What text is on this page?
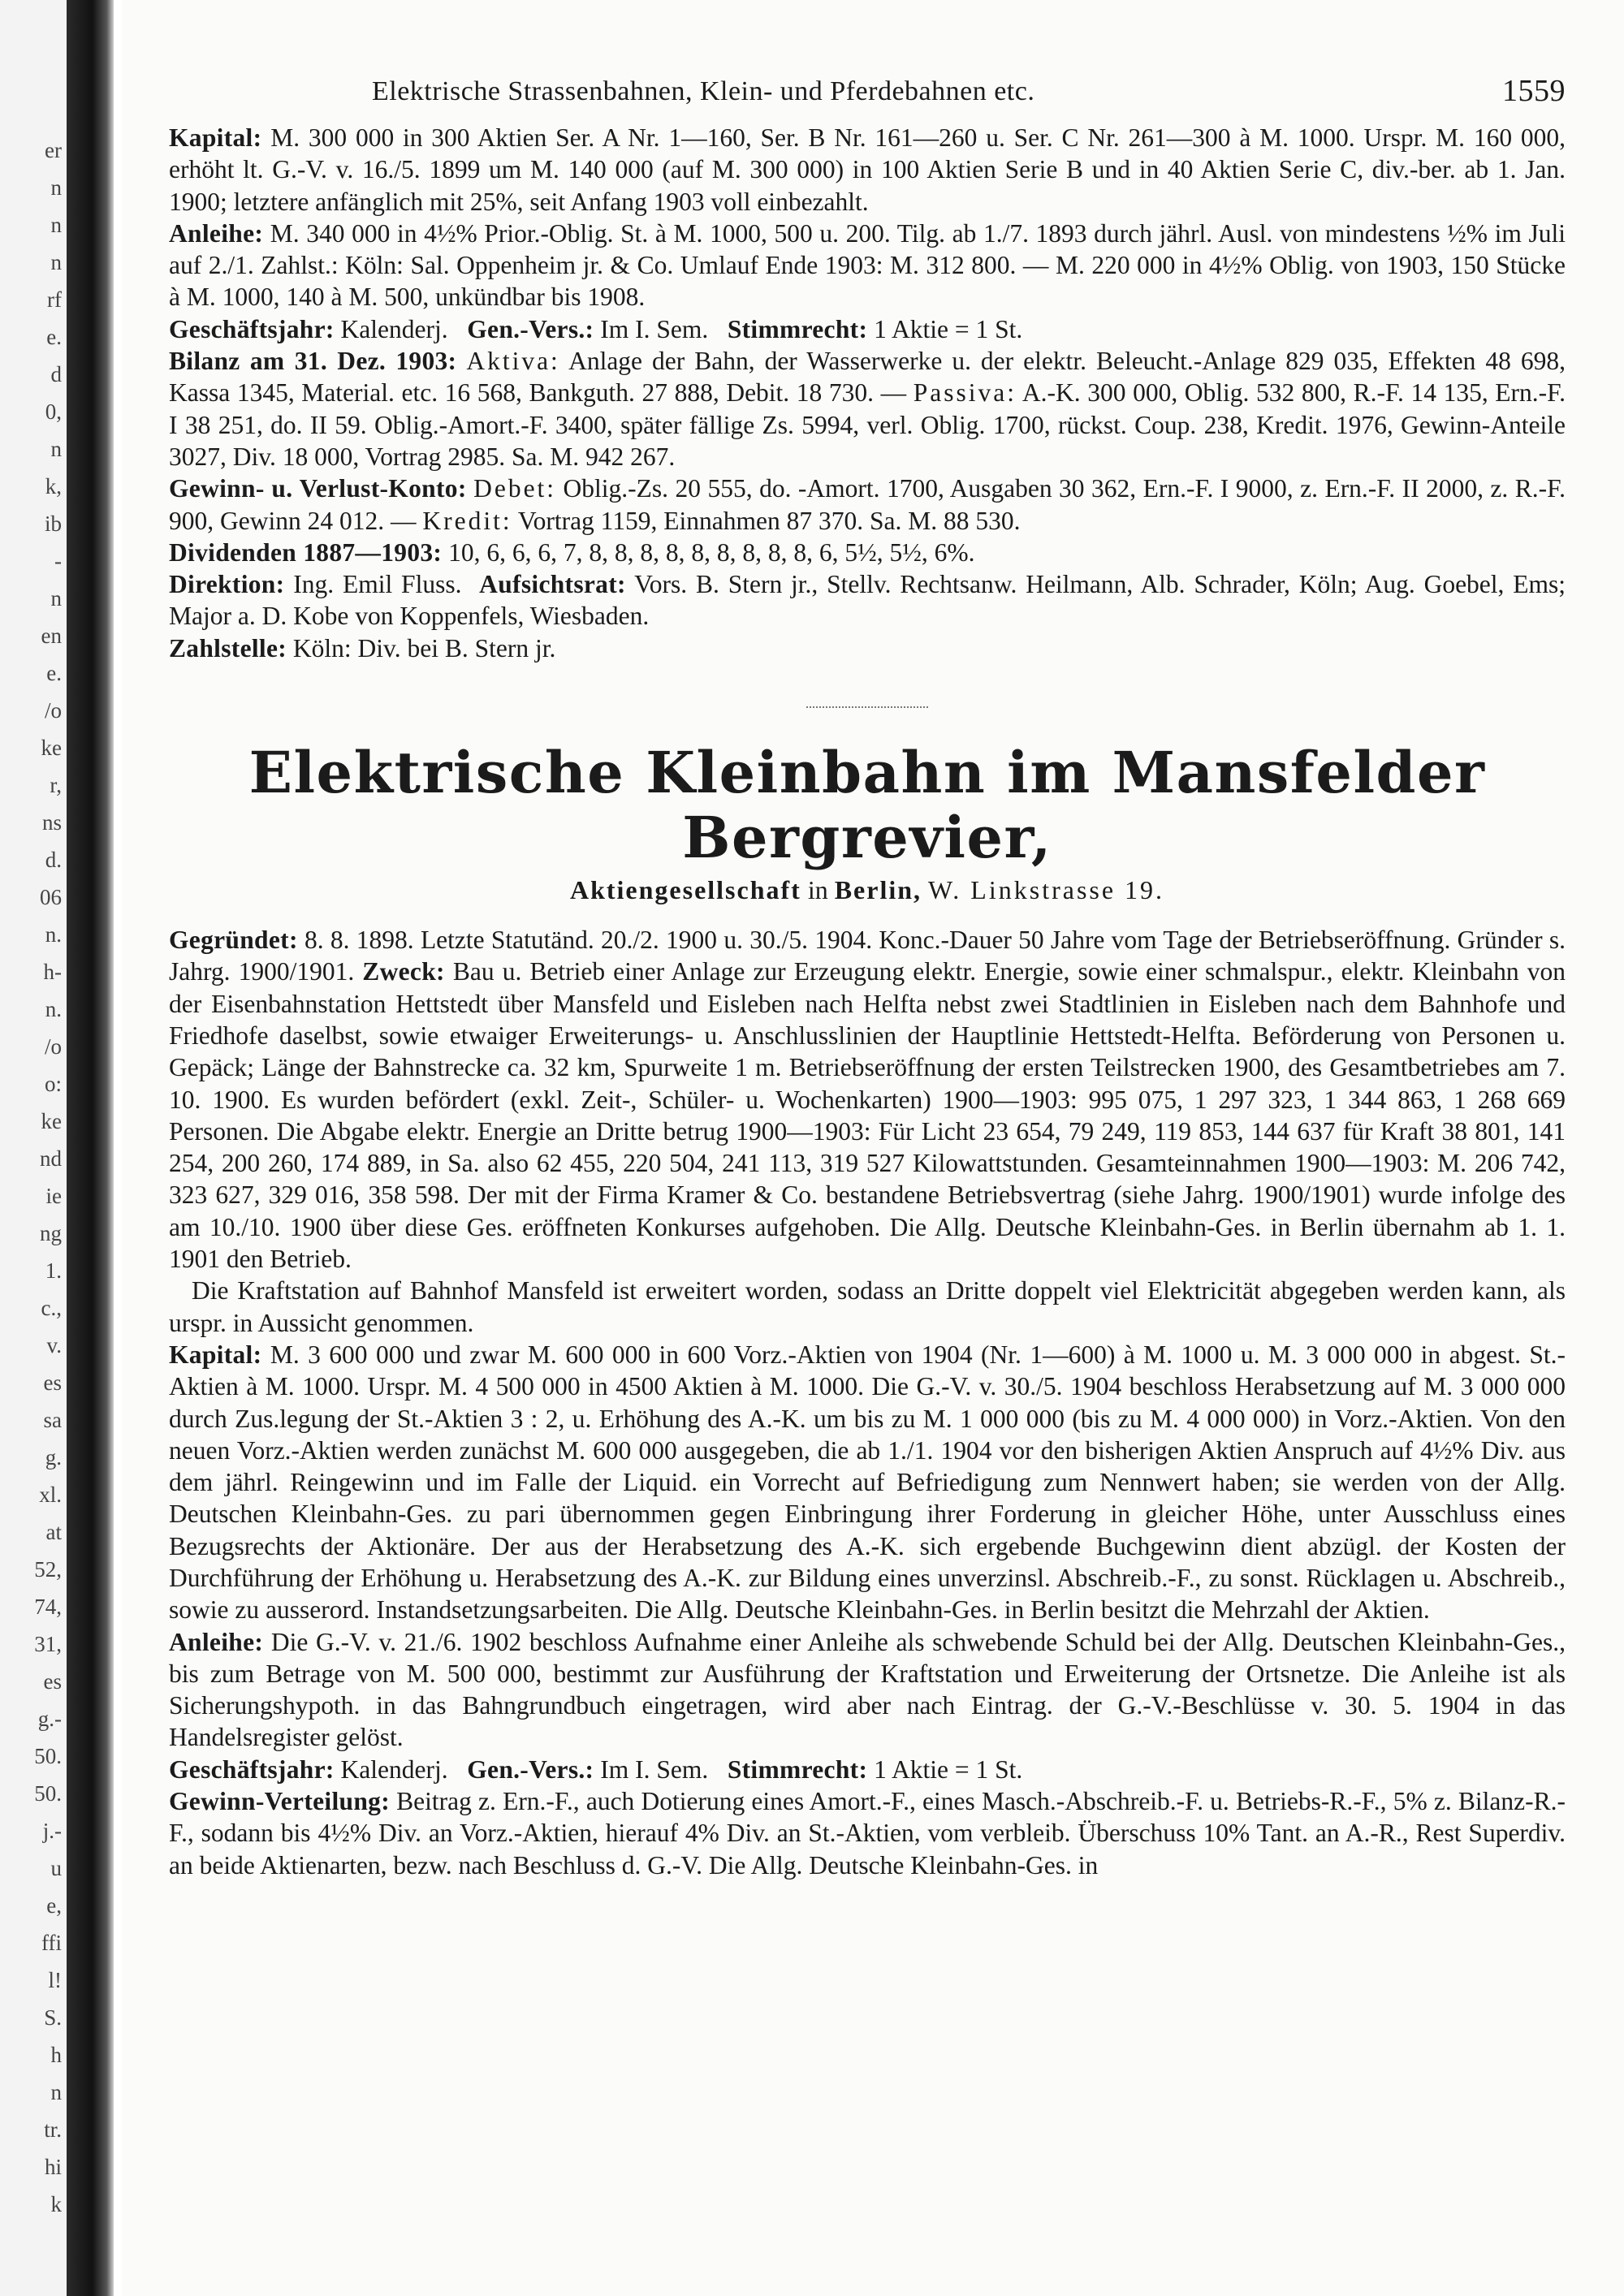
er
n
n
n
rf
e.
d
0,
n
k,
ib
-
n
en
e.
/o
ke
r,
ns
d.
06
n.
h-
n.
/o
o:
ke
nd
ie
ng
1.
c.,
v.
es
sa
g.
xl.
at
52,
74,
31,
es
g.-
50.
50.
j.-
u
e,
ffi
l!
S.
h
n
tr.
hi
k
Elektrische Strassenbahnen, Klein- und Pferdebahnen etc.	1559

Kapital: M. 300 000 in 300 Aktien Ser. A Nr. 1—160, Ser. B Nr. 161—260 u. Ser. C Nr. 261—300 à M. 1000. Urspr. M. 160 000, erhöht lt. G.-V. v. 16./5. 1899 um M. 140 000 (auf M. 300 000) in 100 Aktien Serie B und in 40 Aktien Serie C, div.-ber. ab 1. Jan. 1900; letztere anfänglich mit 25%, seit Anfang 1903 voll einbezahlt.

Anleihe: M. 340 000 in 4½% Prior.-Oblig. St. à M. 1000, 500 u. 200. Tilg. ab 1./7. 1893 durch jährl. Ausl. von mindestens ½% im Juli auf 2./1. Zahlst.: Köln: Sal. Oppenheim jr. & Co. Umlauf Ende 1903: M. 312 800. — M. 220 000 in 4½% Oblig. von 1903, 150 Stücke à M. 1000, 140 à M. 500, unkündbar bis 1908.

Geschäftsjahr: Kalenderj. Gen.-Vers.: Im I. Sem. Stimmrecht: 1 Aktie = 1 St.

Bilanz am 31. Dez. 1903: Aktiva: Anlage der Bahn, der Wasserwerke u. der elektr. Beleucht.-Anlage 829 035, Effekten 48 698, Kassa 1345, Material. etc. 16 568, Bankguth. 27 888, Debit. 18 730. — Passiva: A.-K. 300 000, Oblig. 532 800, R.-F. 14 135, Ern.-F. I 38 251, do. II 59. Oblig.-Amort.-F. 3400, später fällige Zs. 5994, verl. Oblig. 1700, rückst. Coup. 238, Kredit. 1976, Gewinn-Anteile 3027, Div. 18 000, Vortrag 2985. Sa. M. 942 267.

Gewinn- u. Verlust-Konto: Debet: Oblig.-Zs. 20 555, do. -Amort. 1700, Ausgaben 30 362, Ern.-F. I 9000, z. Ern.-F. II 2000, z. R.-F. 900, Gewinn 24 012. — Kredit: Vortrag 1159, Einnahmen 87 370. Sa. M. 88 530.

Dividenden 1887—1903: 10, 6, 6, 6, 7, 8, 8, 8, 8, 8, 8, 8, 8, 8, 6, 5½, 5½, 6%.

Direktion: Ing. Emil Fluss. Aufsichtsrat: Vors. B. Stern jr., Stellv. Rechtsanw. Heilmann, Alb. Schrader, Köln; Aug. Goebel, Ems; Major a. D. Kobe von Koppenfels, Wiesbaden.

Zahlstelle: Köln: Div. bei B. Stern jr.

Elektrische Kleinbahn im Mansfelder Bergrevier,
Aktiengesellschaft in Berlin, W. Linkstrasse 19.

Gegründet: 8. 8. 1898. Letzte Statutänd. 20./2. 1900 u. 30./5. 1904. Konc.-Dauer 50 Jahre vom Tage der Betriebseröffnung. Gründer s. Jahrg. 1900/1901. Zweck: Bau u. Betrieb einer Anlage zur Erzeugung elektr. Energie, sowie einer schmalspur., elektr. Kleinbahn von der Eisenbahnstation Hettstedt über Mansfeld und Eisleben nach Helfta nebst zwei Stadtlinien in Eisleben nach dem Bahnhofe und Friedhofe daselbst, sowie etwaiger Erweiterungs- u. Anschlusslinien der Hauptlinie Hettstedt-Helfta. Beförderung von Personen u. Gepäck; Länge der Bahnstrecke ca. 32 km, Spurweite 1 m. Betriebseröffnung der ersten Teilstrecken 1900, des Gesamtbetriebes am 7. 10. 1900. Es wurden befördert (exkl. Zeit-, Schüler- u. Wochenkarten) 1900—1903: 995 075, 1 297 323, 1 344 863, 1 268 669 Personen. Die Abgabe elektr. Energie an Dritte betrug 1900—1903: Für Licht 23 654, 79 249, 119 853, 144 637 für Kraft 38 801, 141 254, 200 260, 174 889, in Sa. also 62 455, 220 504, 241 113, 319 527 Kilowattstunden. Gesamteinnahmen 1900—1903: M. 206 742, 323 627, 329 016, 358 598. Der mit der Firma Kramer & Co. bestandene Betriebsvertrag (siehe Jahrg. 1900/1901) wurde infolge des am 10./10. 1900 über diese Ges. eröffneten Konkurses aufgehoben. Die Allg. Deutsche Kleinbahn-Ges. in Berlin übernahm ab 1. 1. 1901 den Betrieb.

Die Kraftstation auf Bahnhof Mansfeld ist erweitert worden, sodass an Dritte doppelt viel Elektricität abgegeben werden kann, als urspr. in Aussicht genommen.

Kapital: M. 3 600 000 und zwar M. 600 000 in 600 Vorz.-Aktien von 1904 (Nr. 1—600) à M. 1000 u. M. 3 000 000 in abgest. St.-Aktien à M. 1000. Urspr. M. 4 500 000 in 4500 Aktien à M. 1000. Die G.-V. v. 30./5. 1904 beschloss Herabsetzung auf M. 3 000 000 durch Zus.legung der St.-Aktien 3 : 2, u. Erhöhung des A.-K. um bis zu M. 1 000 000 (bis zu M. 4 000 000) in Vorz.-Aktien. Von den neuen Vorz.-Aktien werden zunächst M. 600 000 ausgegeben, die ab 1./1. 1904 vor den bisherigen Aktien Anspruch auf 4½% Div. aus dem jährl. Reingewinn und im Falle der Liquid. ein Vorrecht auf Befriedigung zum Nennwert haben; sie werden von der Allg. Deutschen Kleinbahn-Ges. zu pari übernommen gegen Einbringung ihrer Forderung in gleicher Höhe, unter Ausschluss eines Bezugsrechts der Aktionäre. Der aus der Herabsetzung des A.-K. sich ergebende Buchgewinn dient abzügl. der Kosten der Durchführung der Erhöhung u. Herabsetzung des A.-K. zur Bildung eines unverzinsl. Abschreib.-F., zu sonst. Rücklagen u. Abschreib., sowie zu ausserord. Instandsetzungsarbeiten. Die Allg. Deutsche Kleinbahn-Ges. in Berlin besitzt die Mehrzahl der Aktien.

Anleihe: Die G.-V. v. 21./6. 1902 beschloss Aufnahme einer Anleihe als schwebende Schuld bei der Allg. Deutschen Kleinbahn-Ges., bis zum Betrage von M. 500 000, bestimmt zur Ausführung der Kraftstation und Erweiterung der Ortsnetze. Die Anleihe ist als Sicherungshypoth. in das Bahngrundbuch eingetragen, wird aber nach Eintrag. der G.-V.-Beschlüsse v. 30. 5. 1904 in das Handelsregister gelöst.

Geschäftsjahr: Kalenderj. Gen.-Vers.: Im I. Sem. Stimmrecht: 1 Aktie = 1 St.

Gewinn-Verteilung: Beitrag z. Ern.-F., auch Dotierung eines Amort.-F., eines Masch.-Abschreib.-F. u. Betriebs-R.-F., 5% z. Bilanz-R.-F., sodann bis 4½% Div. an Vorz.-Aktien, hierauf 4% Div. an St.-Aktien, vom verbleib. Überschuss 10% Tant. an A.-R., Rest Superdiv. an beide Aktienarten, bezw. nach Beschluss d. G.-V. Die Allg. Deutsche Kleinbahn-Ges. in
